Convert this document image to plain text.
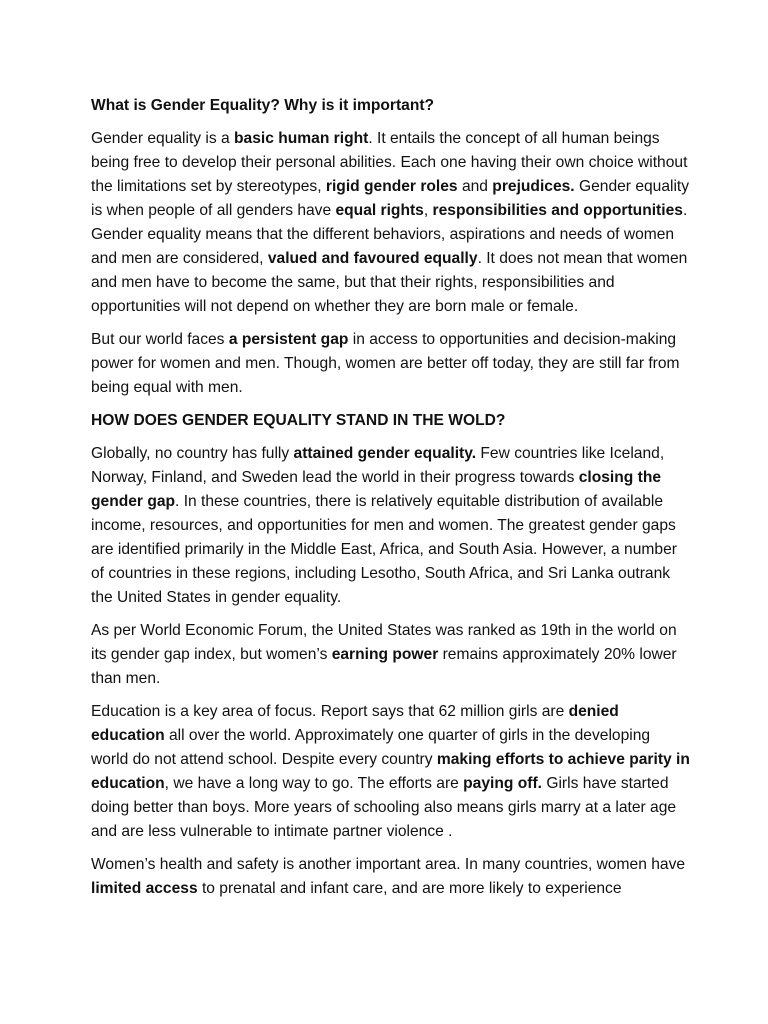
What is Gender Equality? Why is it important?
Gender equality is a basic human right. It entails the concept of all human beings being free to develop their personal abilities. Each one having their own choice without the limitations set by stereotypes, rigid gender roles and prejudices. Gender equality is when people of all genders have equal rights, responsibilities and opportunities. Gender equality means that the different behaviors, aspirations and needs of women and men are considered, valued and favoured equally. It does not mean that women and men have to become the same, but that their rights, responsibilities and opportunities will not depend on whether they are born male or female.
But our world faces a persistent gap in access to opportunities and decision-making power for women and men. Though, women are better off today, they are still far from being equal with men.
HOW DOES GENDER EQUALITY STAND IN THE WOLD?
Globally, no country has fully attained gender equality. Few countries like Iceland, Norway, Finland, and Sweden lead the world in their progress towards closing the gender gap. In these countries, there is relatively equitable distribution of available income, resources, and opportunities for men and women. The greatest gender gaps are identified primarily in the Middle East, Africa, and South Asia. However, a number of countries in these regions, including Lesotho, South Africa, and Sri Lanka outrank the United States in gender equality.
As per World Economic Forum, the United States was ranked as 19th in the world on its gender gap index, but women’s earning power remains approximately 20% lower than men.
Education is a key area of focus. Report says that 62 million girls are denied education all over the world. Approximately one quarter of girls in the developing world do not attend school. Despite every country making efforts to achieve parity in education, we have a long way to go. The efforts are paying off. Girls have started doing better than boys. More years of schooling also means girls marry at a later age and are less vulnerable to intimate partner violence .
Women’s health and safety is another important area. In many countries, women have limited access to prenatal and infant care, and are more likely to experience
